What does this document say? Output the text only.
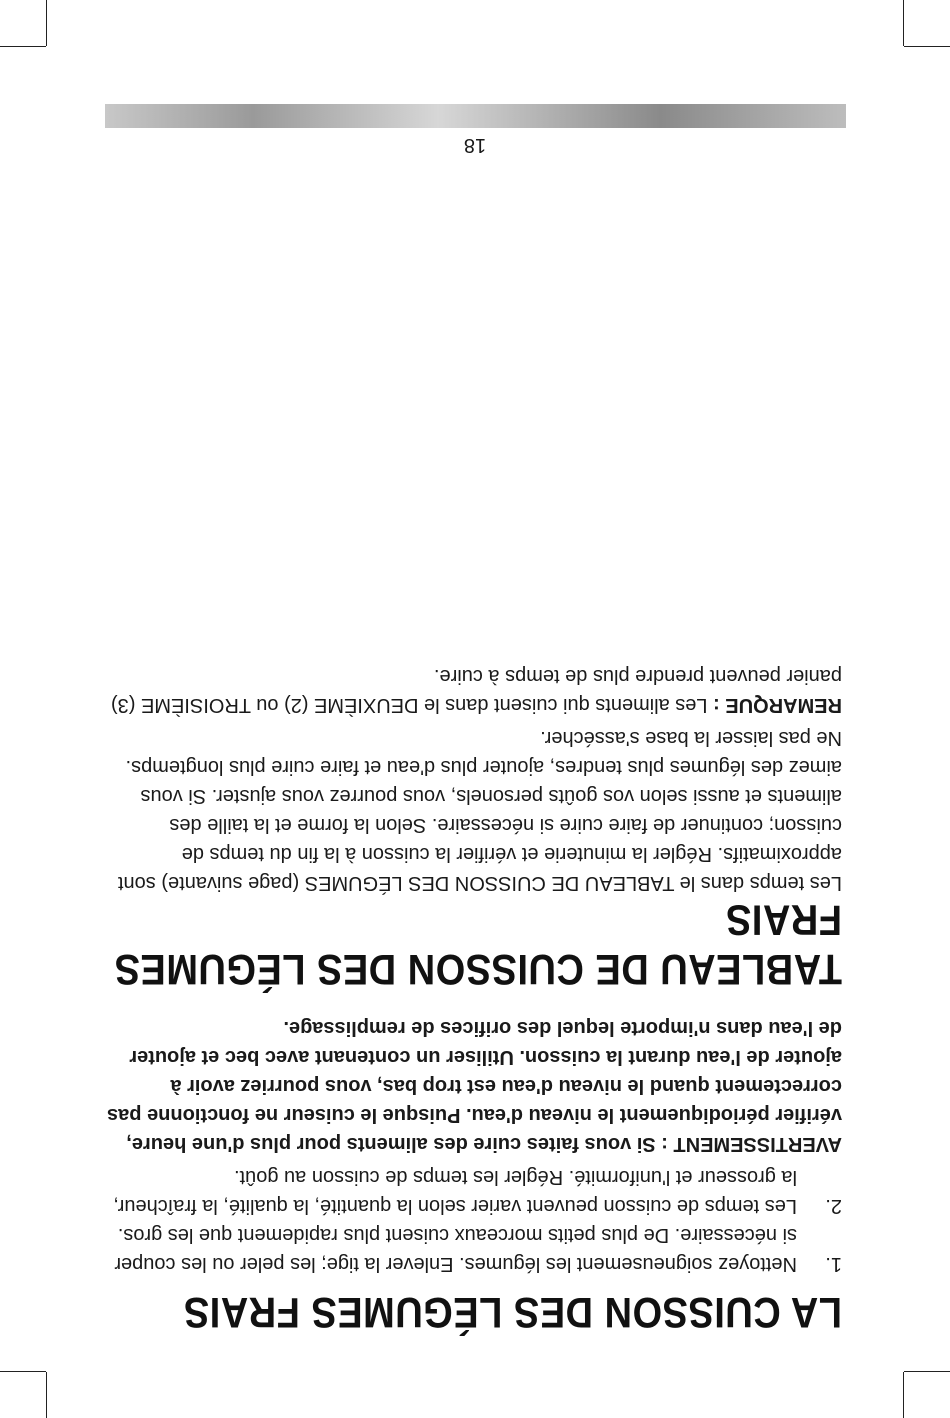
LA CUISSON DES LÉGUMES FRAIS
1.
Nettoyez soigneusement les légumes. Enlever la tige; les peler ou les couper si nécessaire. De plus petits morceaux cuisent plus rapidement que les gros.
2.
Les temps de cuisson peuvent varier selon la quantité, la qualité, la fraîcheur, la grosseur et l'uniformité. Régler les temps de cuisson au goût.

AVERTISSEMENT : Si vous faites cuire des aliments pour plus d'une heure, vérifier périodiquement le niveau d'eau. Puisque le cuiseur ne fonctionne pas correctement quand le niveau d'eau est trop bas, vous pourriez avoir à ajouter de l'eau durant la cuisson. Utiliser un contenant avec bec et ajouter de l'eau dans n'importe lequel des orifices de remplissage.

TABLEAU DE CUISSON DES LÉGUMES FRAIS

Les temps dans le TABLEAU DE CUISSON DES LÉGUMES (page suivante) sont approximatifs. Régler la minuterie et vérifier la cuisson à la fin du temps de cuisson; continuer de faire cuire si nécessaire. Selon la forme et la taille des aliments et aussi selon vos goûts personels, vous pourrez vous ajuster. Si vous aimez des légumes plus tendres, ajouter plus d'eau et faire cuire plus longtemps. Ne pas laisser la base s'assécher.

REMARQUE : Les aliments qui cuisent dans le DEUXIÈME (2) ou TROISIÈME (3) panier peuvent prendre plus de temps à cuire.

18
